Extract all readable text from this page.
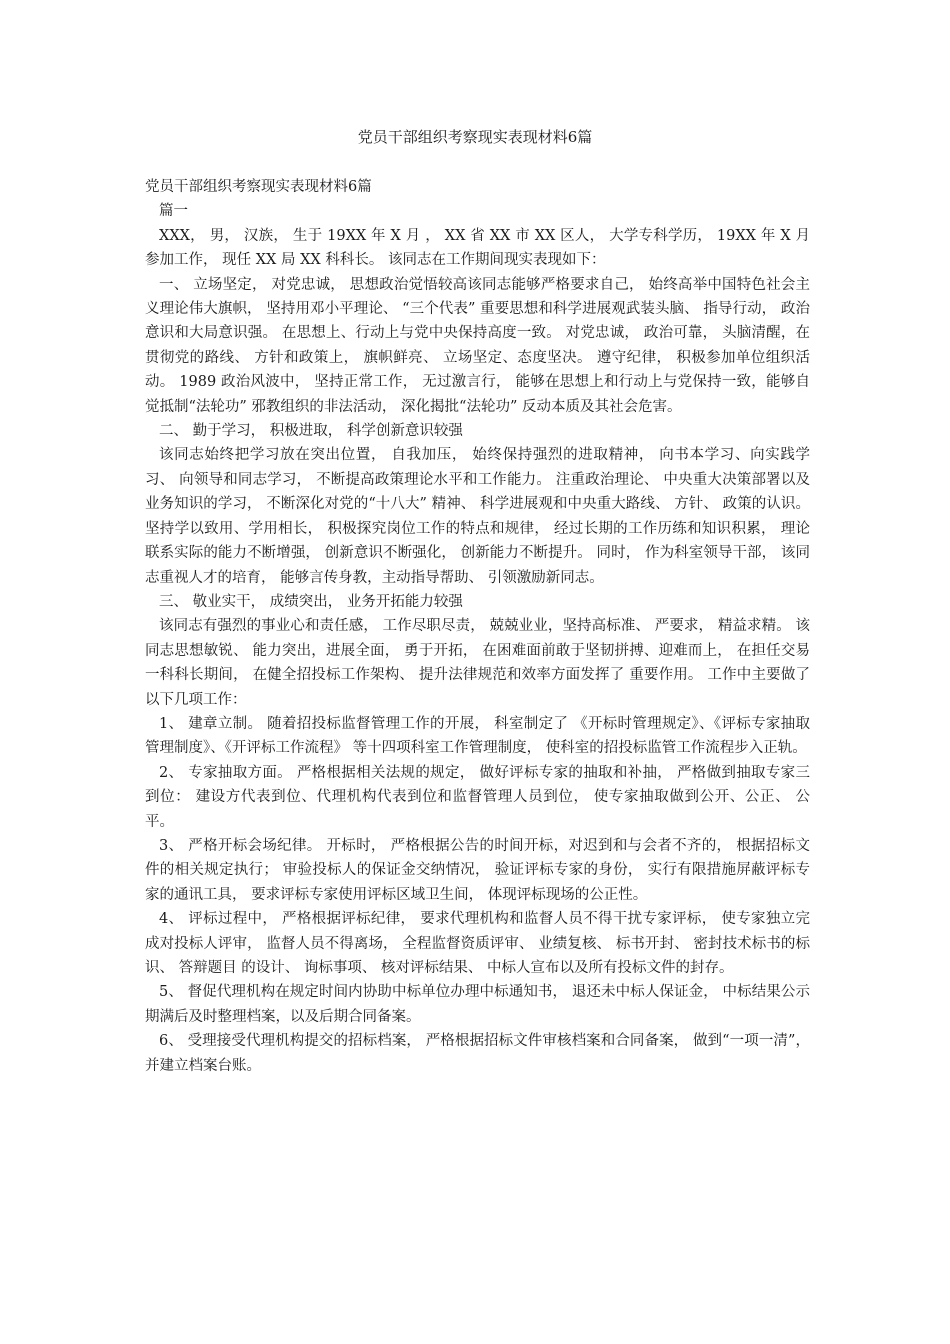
党员干部组织考察现实表现材料6篇

党员干部组织考察现实表现材料6篇

篇一

XXX， 男， 汉族， 生于 19XX 年 X 月 ， XX 省 XX 市 XX 区人， 大学专科学历， 19XX 年 X 月 参加工作， 现任 XX 局 XX 科科长。 该同志在工作期间现实表现如下：

一、 立场坚定， 对党忠诚， 思想政治觉悟较高该同志能够严格要求自己， 始终高举中国特色社会主义理论伟大旗帜， 坚持用邓小平理论、 “三个代表” 重要思想和科学进展观武装头脑、 指导行动， 政治意识和大局意识强。 在思想上、行动上与党中央保持高度一致。 对党忠诚， 政治可靠， 头脑清醒，在贯彻党的路线、 方针和政策上， 旗帜鲜亮、 立场坚定、态度坚决。 遵守纪律， 积极参加单位组织活动。 1989 政治风波中， 坚持正常工作， 无过激言行， 能够在思想上和行动上与党保持一致，能够自觉抵制“法轮功” 邪教组织的非法活动， 深化揭批“法轮功” 反动本质及其社会危害。

二、 勤于学习， 积极进取， 科学创新意识较强

该同志始终把学习放在突出位置， 自我加压， 始终保持强烈的进取精神， 向书本学习、向实践学习、 向领导和同志学习， 不断提高政策理论水平和工作能力。 注重政治理论、 中央重大决策部署以及业务知识的学习， 不断深化对党的“十八大” 精神、 科学进展观和中央重大路线、 方针、 政策的认识。 坚持学以致用、学用相长， 积极探究岗位工作的特点和规律， 经过长期的工作历练和知识积累， 理论联系实际的能力不断增强， 创新意识不断强化， 创新能力不断提升。 同时， 作为科室领导干部， 该同志重视人才的培育， 能够言传身教，主动指导帮助、 引领激励新同志。

三、 敬业实干， 成绩突出， 业务开拓能力较强

该同志有强烈的事业心和责任感， 工作尽职尽责， 兢兢业业，坚持高标准、 严要求， 精益求精。 该同志思想敏锐、 能力突出，进展全面， 勇于开拓， 在困难面前敢于坚韧拼搏、迎难而上， 在担任交易一科科长期间， 在健全招投标工作架构、 提升法律规范和效率方面发挥了 重要作用。 工作中主要做了 以下几项工作：

1、 建章立制。 随着招投标监督管理工作的开展， 科室制定了 《开标时管理规定》、《评标专家抽取管理制度》、《开评标工作流程》 等十四项科室工作管理制度， 使科室的招投标监管工作流程步入正轨。

2、 专家抽取方面。 严格根据相关法规的规定， 做好评标专家的抽取和补抽， 严格做到抽取专家三到位： 建设方代表到位、代理机构代表到位和监督管理人员到位， 使专家抽取做到公开、公正、 公平。

3、 严格开标会场纪律。 开标时， 严格根据公告的时间开标，对迟到和与会者不齐的， 根据招标文件的相关规定执行； 审验投标人的保证金交纳情况， 验证评标专家的身份， 实行有限措施屏蔽评标专家的通讯工具， 要求评标专家使用评标区域卫生间， 体现评标现场的公正性。

4、 评标过程中， 严格根据评标纪律， 要求代理机构和监督人员不得干扰专家评标， 使专家独立完成对投标人评审， 监督人员不得离场， 全程监督资质评审、 业绩复核、 标书开封、 密封技术标书的标识、 答辩题目 的设计、 询标事项、 核对评标结果、 中标人宣布以及所有投标文件的封存。

5、 督促代理机构在规定时间内协助中标单位办理中标通知书， 退还未中标人保证金， 中标结果公示期满后及时整理档案，以及后期合同备案。

6、 受理接受代理机构提交的招标档案， 严格根据招标文件审核档案和合同备案， 做到“一项一清”， 并建立档案台账。
